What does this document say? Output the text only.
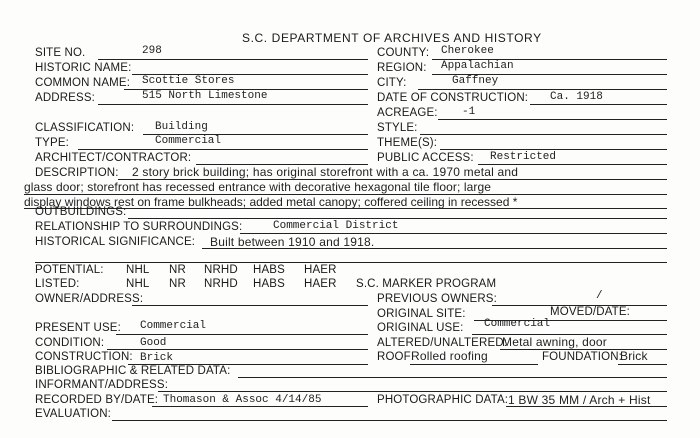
S.C. DEPARTMENT OF ARCHIVES AND HISTORY
SITE NO.	298
HISTORIC NAME:
COMMON NAME: Scottie Stores
ADDRESS:	515 North Limestone
COUNTY: Cherokee
REGION: Appalachian
CITY:	Gaffney
DATE OF CONSTRUCTION: Ca. 1918
ACREAGE: -1
CLASSIFICATION: Building	STYLE:
TYPE:	Commercial	THEME(S):
ARCHITECT/CONTRACTOR:	PUBLIC ACCESS: Restricted
DESCRIPTION: 2 story brick building; has original storefront with a ca. 1970 metal and
glass door; storefront has recessed entrance with decorative hexagonal tile floor; large
display windows rest on frame bulkheads; added metal canopy; coffered ceiling in recessed *
OUTBUILDINGS:
RELATIONSHIP TO SURROUNDINGS:	Commercial District
HISTORICAL SIGNIFICANCE: Built between 1910 and 1918.
POTENTIAL: NHL NR NRHD HABS HAER
LISTED:	NHL NR NRHD HABS HAER S.C. MARKER PROGRAM
OWNER/ADDRESS:	PREVIOUS OWNERS:	/
ORIGINAL SITE:	MOVED/DATE:
PRESENT USE: Commercial	ORIGINAL USE: Commercial
CONDITION:	Good	ALTERED/UNALTERED:
Metal awning, door
CONSTRUCTION: Brick	ROOF:
Rolled roofing	FOUNDATION:
Brick
BIBLIOGRAPHIC & RELATED DATA:
INFORMANT/ADDRESS:
RECORDED BY/DATE: Thomason & Assoc 4/14/85	PHOTOGRAPHIC DATA: 1 BW 35 MM / Arch + Hist
EVALUATION:
